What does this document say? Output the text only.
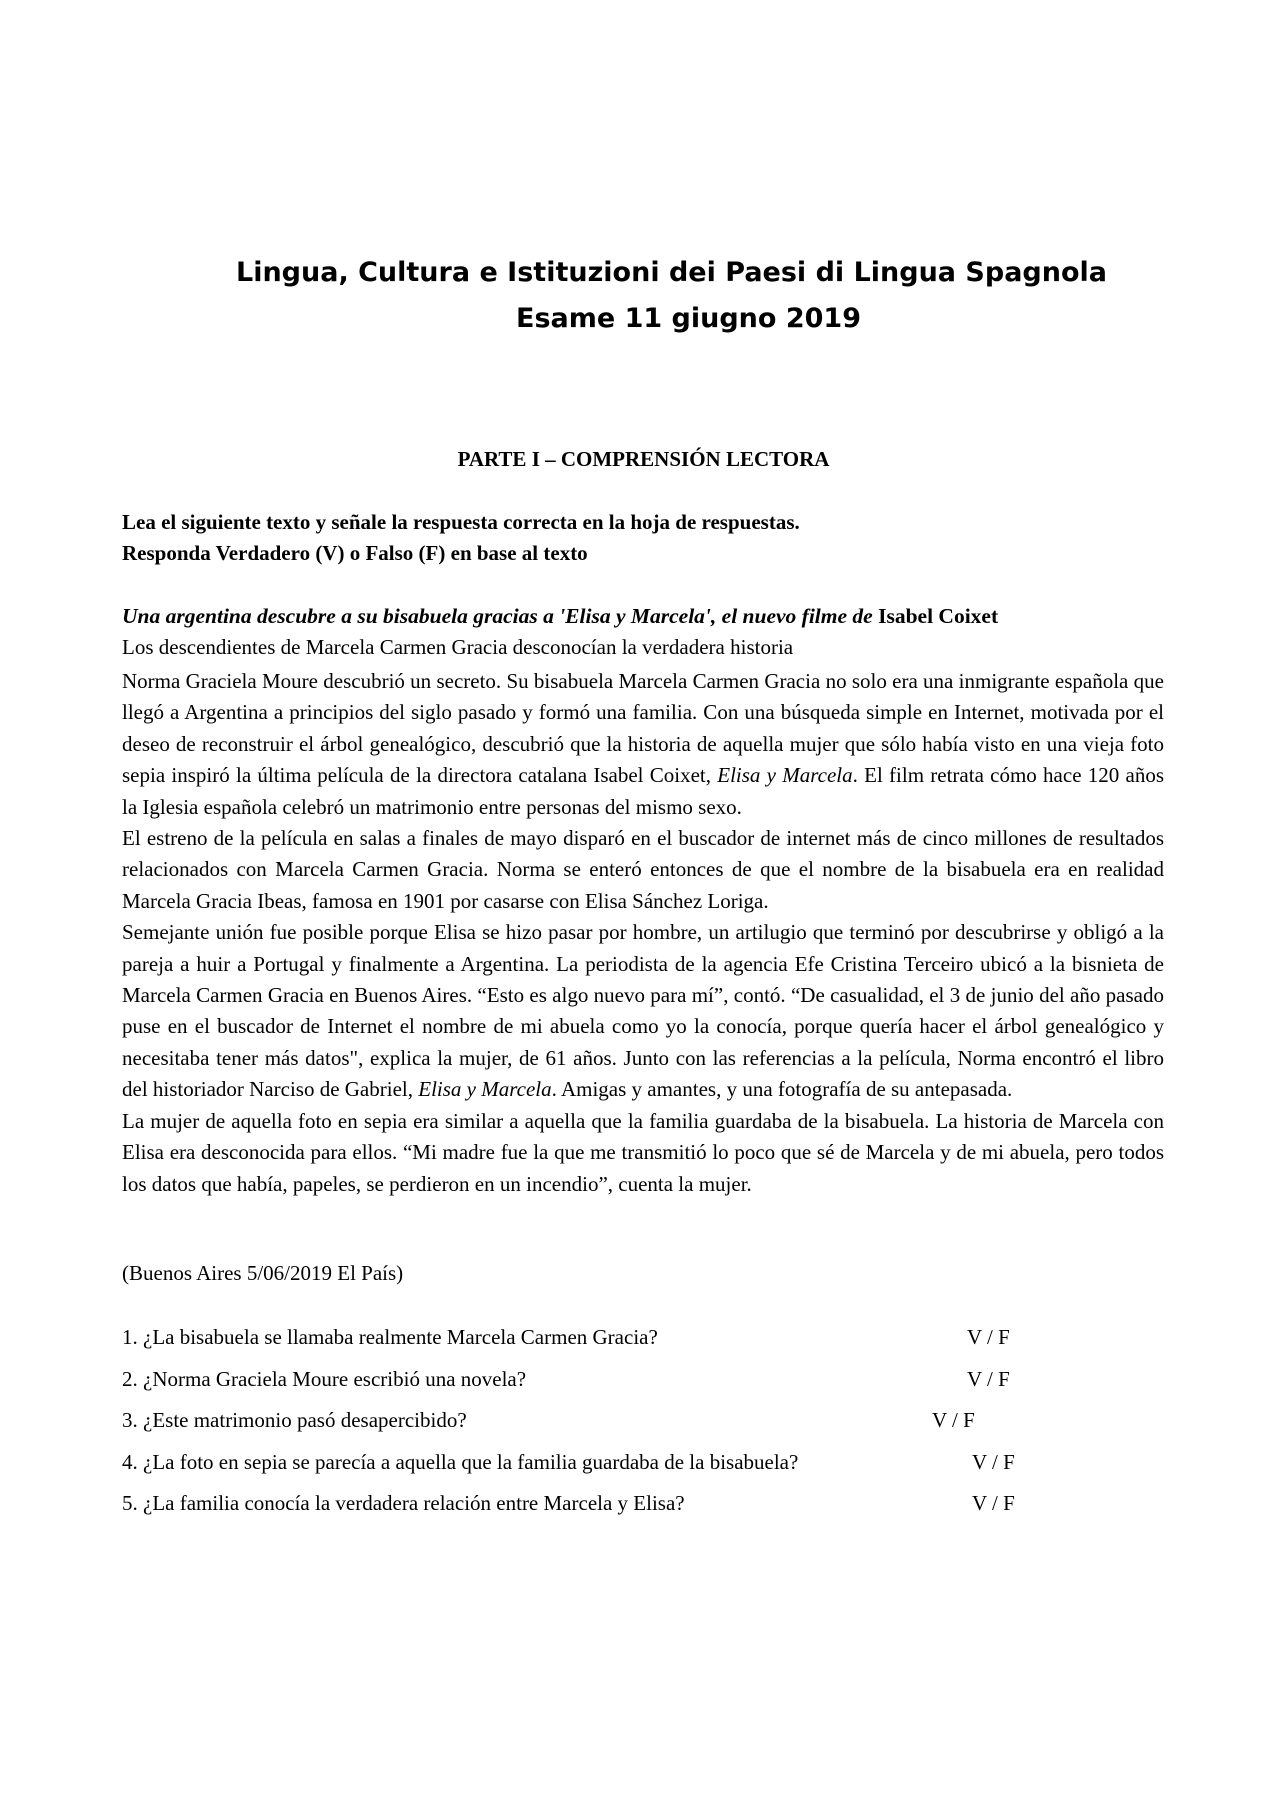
Lingua, Cultura e Istituzioni dei Paesi di Lingua Spagnola
Esame 11 giugno 2019
PARTE I – COMPRENSIÓN LECTORA
Lea el siguiente texto y señale la respuesta correcta en la hoja de respuestas.
Responda Verdadero (V) o Falso (F) en base al texto
Una argentina descubre a su bisabuela gracias a 'Elisa y Marcela', el nuevo filme de Isabel Coixet
Los descendientes de Marcela Carmen Gracia desconocían la verdadera historia

Norma Graciela Moure descubrió un secreto. Su bisabuela Marcela Carmen Gracia no solo era una inmigrante española que llegó a Argentina a principios del siglo pasado y formó una familia. Con una búsqueda simple en Internet, motivada por el deseo de reconstruir el árbol genealógico, descubrió que la historia de aquella mujer que sólo había visto en una vieja foto sepia inspiró la última película de la directora catalana Isabel Coixet, Elisa y Marcela. El film retrata cómo hace 120 años la Iglesia española celebró un matrimonio entre personas del mismo sexo.

El estreno de la película en salas a finales de mayo disparó en el buscador de internet más de cinco millones de resultados relacionados con Marcela Carmen Gracia. Norma se enteró entonces de que el nombre de la bisabuela era en realidad Marcela Gracia Ibeas, famosa en 1901 por casarse con Elisa Sánchez Loriga.

Semejante unión fue posible porque Elisa se hizo pasar por hombre, un artilugio que terminó por descubrirse y obligó a la pareja a huir a Portugal y finalmente a Argentina. La periodista de la agencia Efe Cristina Terceiro ubicó a la bisnieta de Marcela Carmen Gracia en Buenos Aires. “Esto es algo nuevo para mí”, contó. “De casualidad, el 3 de junio del año pasado puse en el buscador de Internet el nombre de mi abuela como yo la conocía, porque quería hacer el árbol genealógico y necesitaba tener más datos", explica la mujer, de 61 años. Junto con las referencias a la película, Norma encontró el libro del historiador Narciso de Gabriel, Elisa y Marcela. Amigas y amantes, y una fotografía de su antepasada.

La mujer de aquella foto en sepia era similar a aquella que la familia guardaba de la bisabuela. La historia de Marcela con Elisa era desconocida para ellos. “Mi madre fue la que me transmitió lo poco que sé de Marcela y de mi abuela, pero todos los datos que había, papeles, se perdieron en un incendio”, cuenta la mujer.

(Buenos Aires 5/06/2019 El País)
1. ¿La bisabuela se llamaba realmente Marcela Carmen Gracia?	V / F
2. ¿Norma Graciela Moure escribió una novela?	V / F
3. ¿Este matrimonio pasó desapercibido?	V / F
4. ¿La foto en sepia se parecía a aquella que la familia guardaba de la bisabuela?	V / F
5. ¿La familia conocía la verdadera relación entre Marcela y Elisa?	V / F
